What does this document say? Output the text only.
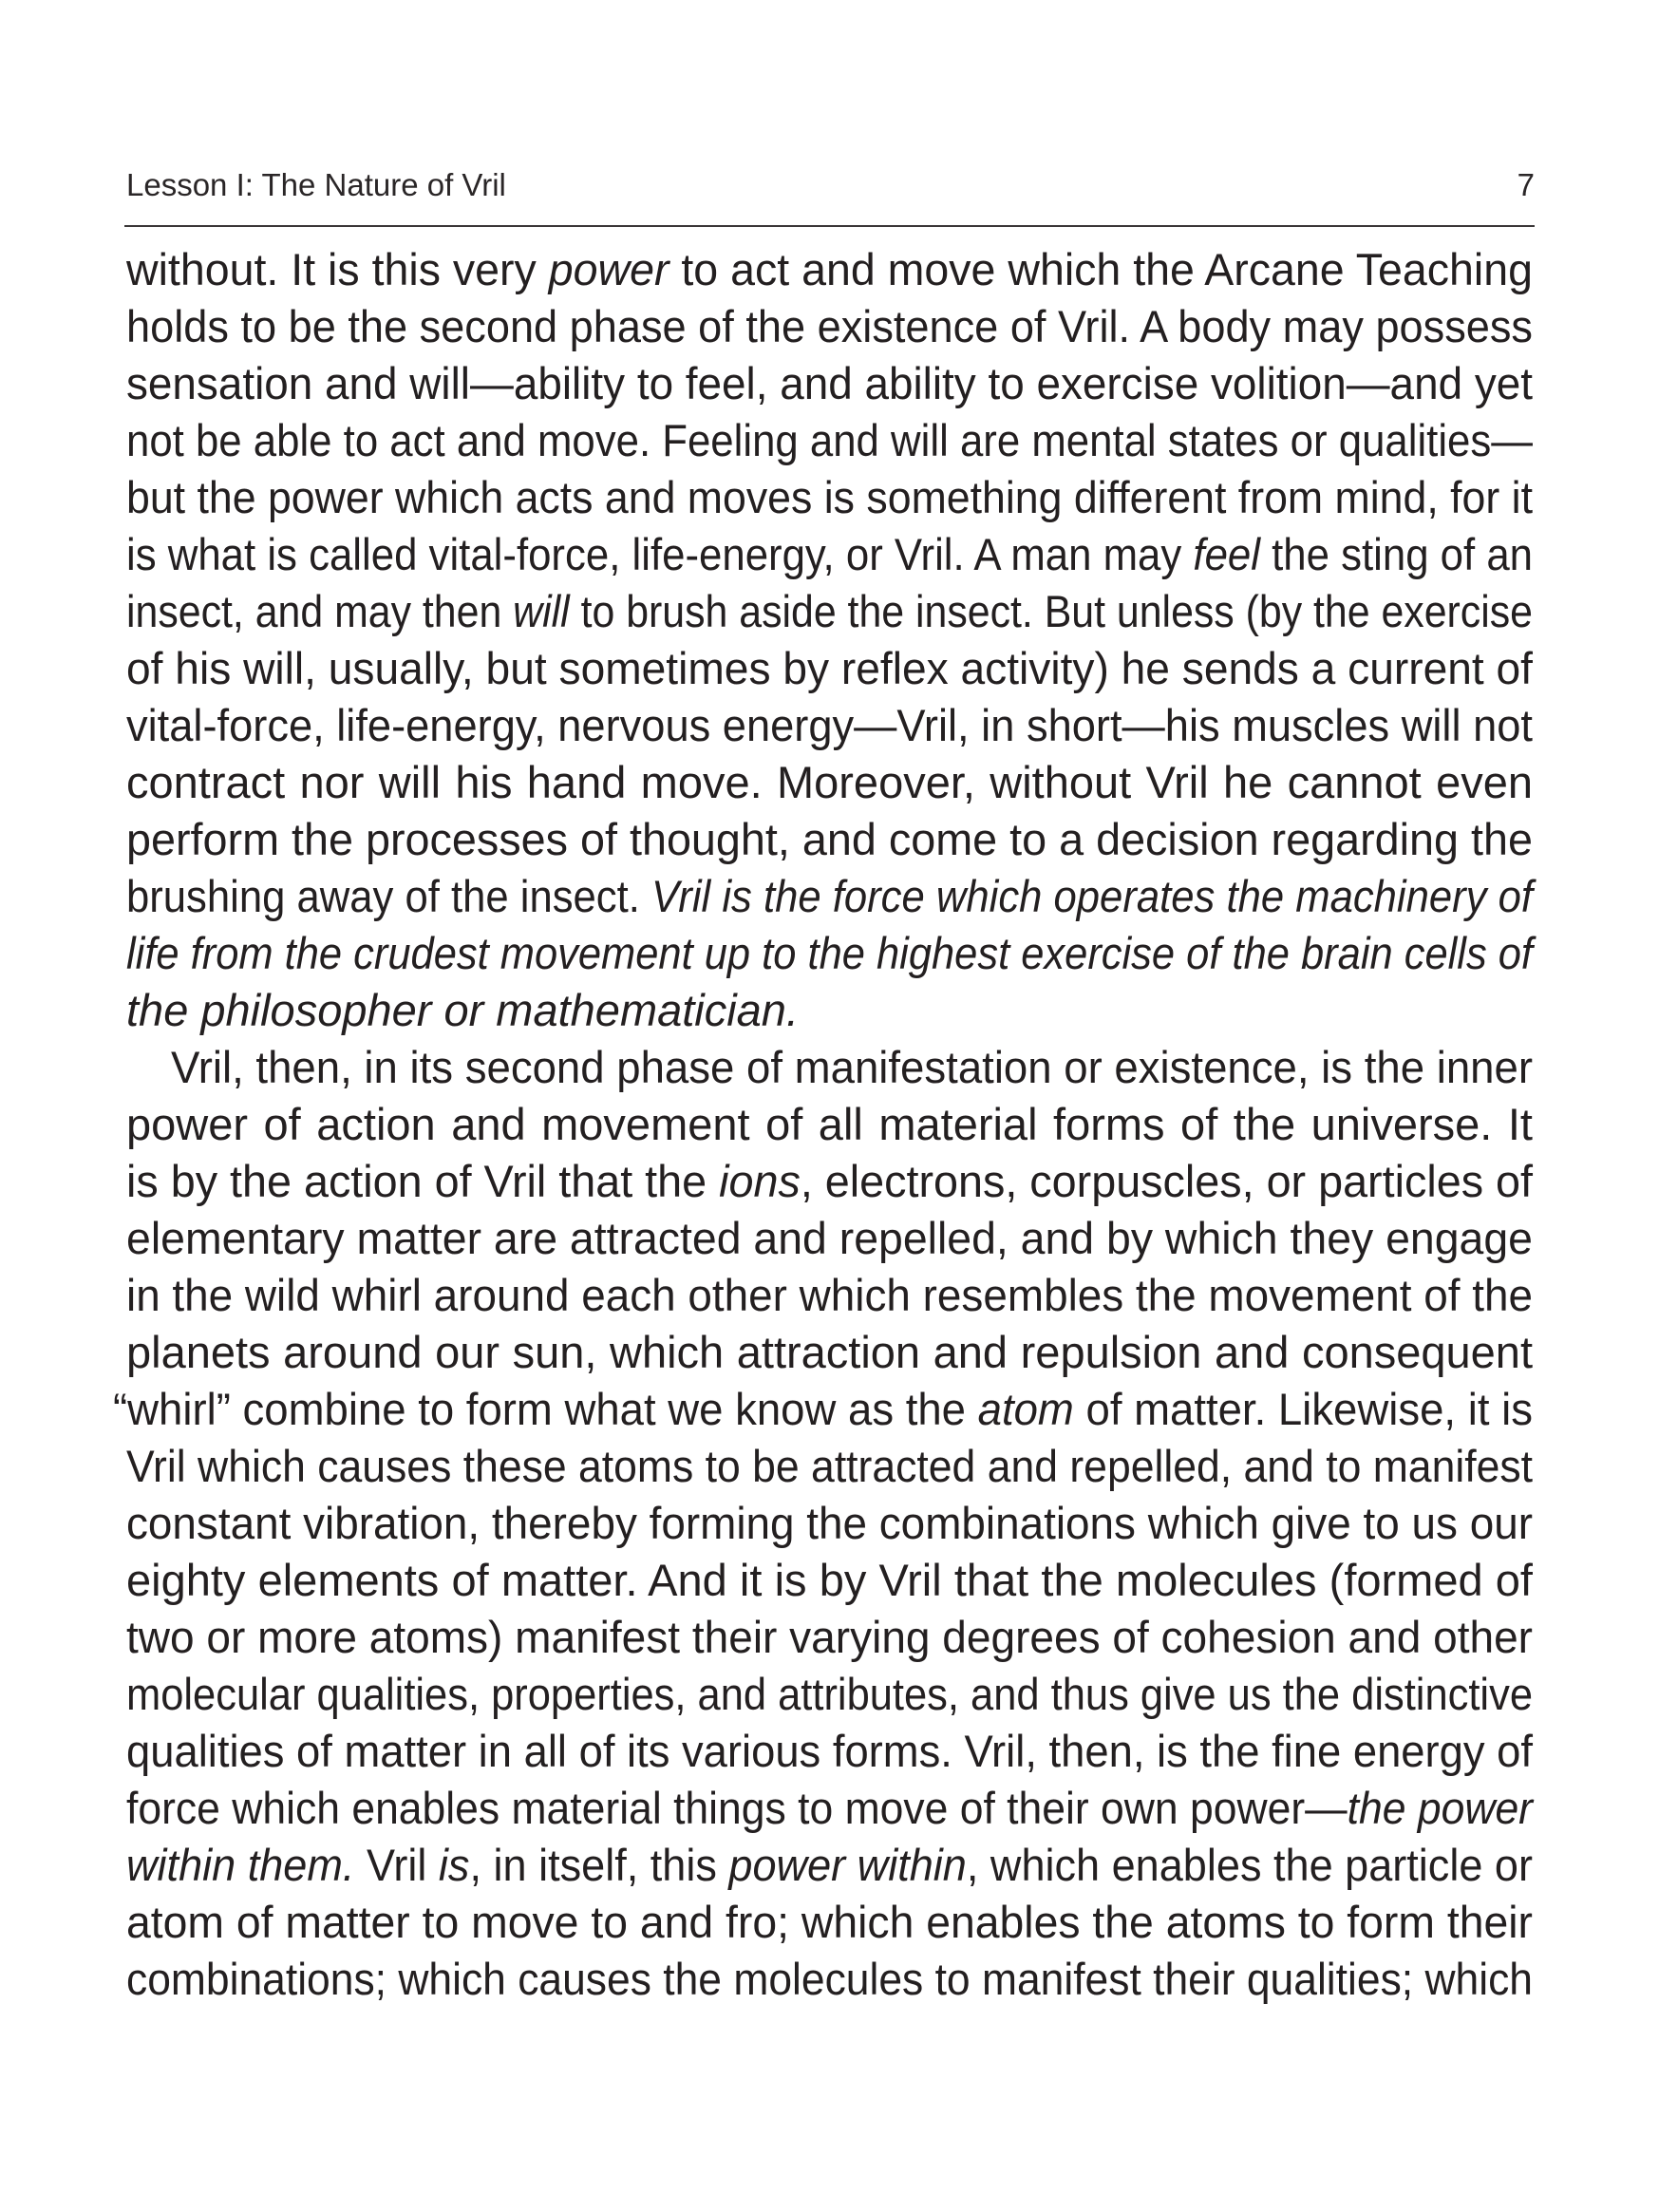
Lesson I: The Nature of Vril	7
without. It is this very power to act and move which the Arcane Teaching
holds to be the second phase of the existence of Vril. A body may possess
sensation and will—ability to feel, and ability to exercise volition—and yet
not be able to act and move. Feeling and will are mental states or qualities—
but the power which acts and moves is something different from mind, for it
is what is called vital-force, life-energy, or Vril. A man may feel the sting of an
insect, and may then will to brush aside the insect. But unless (by the exercise
of his will, usually, but sometimes by reflex activity) he sends a current of
vital-force, life-energy, nervous energy—Vril, in short—his muscles will not
contract nor will his hand move. Moreover, without Vril he cannot even
perform the processes of thought, and come to a decision regarding the
brushing away of the insect. Vril is the force which operates the machinery of
life from the crudest movement up to the highest exercise of the brain cells of
the philosopher or mathematician.
Vril, then, in its second phase of manifestation or existence, is the inner
power of action and movement of all material forms of the universe. It
is by the action of Vril that the ions, electrons, corpuscles, or particles of
elementary matter are attracted and repelled, and by which they engage
in the wild whirl around each other which resembles the movement of the
planets around our sun, which attraction and repulsion and consequent
“whirl” combine to form what we know as the atom of matter. Likewise, it is
Vril which causes these atoms to be attracted and repelled, and to manifest
constant vibration, thereby forming the combinations which give to us our
eighty elements of matter. And it is by Vril that the molecules (formed of
two or more atoms) manifest their varying degrees of cohesion and other
molecular qualities, properties, and attributes, and thus give us the distinctive
qualities of matter in all of its various forms. Vril, then, is the fine energy of
force which enables material things to move of their own power—the power
within them. Vril is, in itself, this power within, which enables the particle or
atom of matter to move to and fro; which enables the atoms to form their
combinations; which causes the molecules to manifest their qualities; which
